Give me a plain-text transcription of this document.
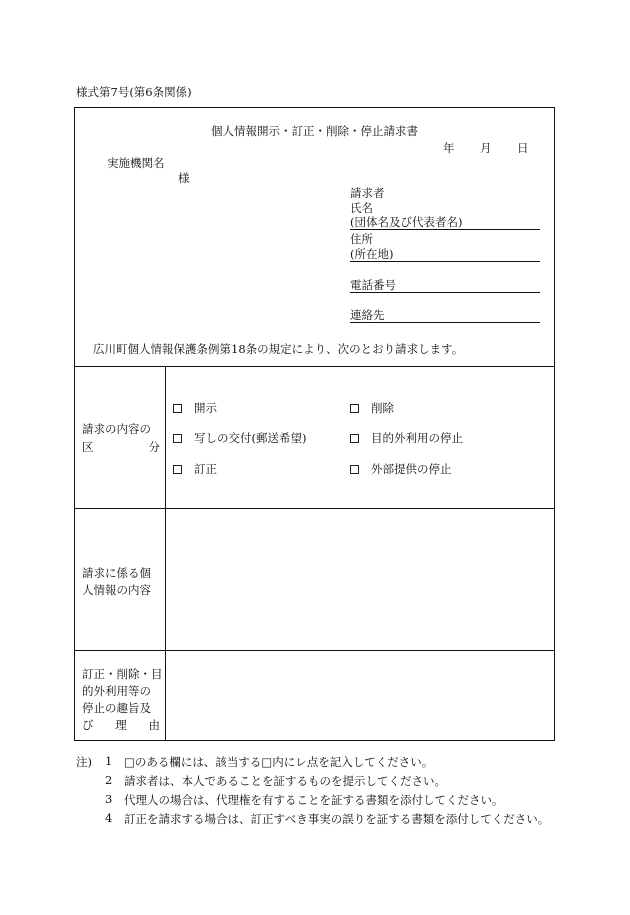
様式第7号(第6条関係)
個人情報開示・訂正・削除・停止請求書
年 月 日
実施機関名
様
請求者
氏名
(団体名及び代表者名)
住所
(所在地)
電話番号
連絡先
広川町個人情報保護条例第18条の規定により、次のとおり請求します。
請求の内容の
区	分
開示
写しの交付(郵送希望)
訂正
削除
目的外利用の停止
外部提供の停止
請求に係る個
人情報の内容
訂正・削除・目
的外利用等の
停止の趣旨及
び 理 由
注) 1 □のある欄には、該当する□内にレ点を記入してください。
2 請求者は、本人であることを証するものを提示してください。
3 代理人の場合は、代理権を有することを証する書類を添付してください。
4 訂正を請求する場合は、訂正すべき事実の誤りを証する書類を添付してください。
